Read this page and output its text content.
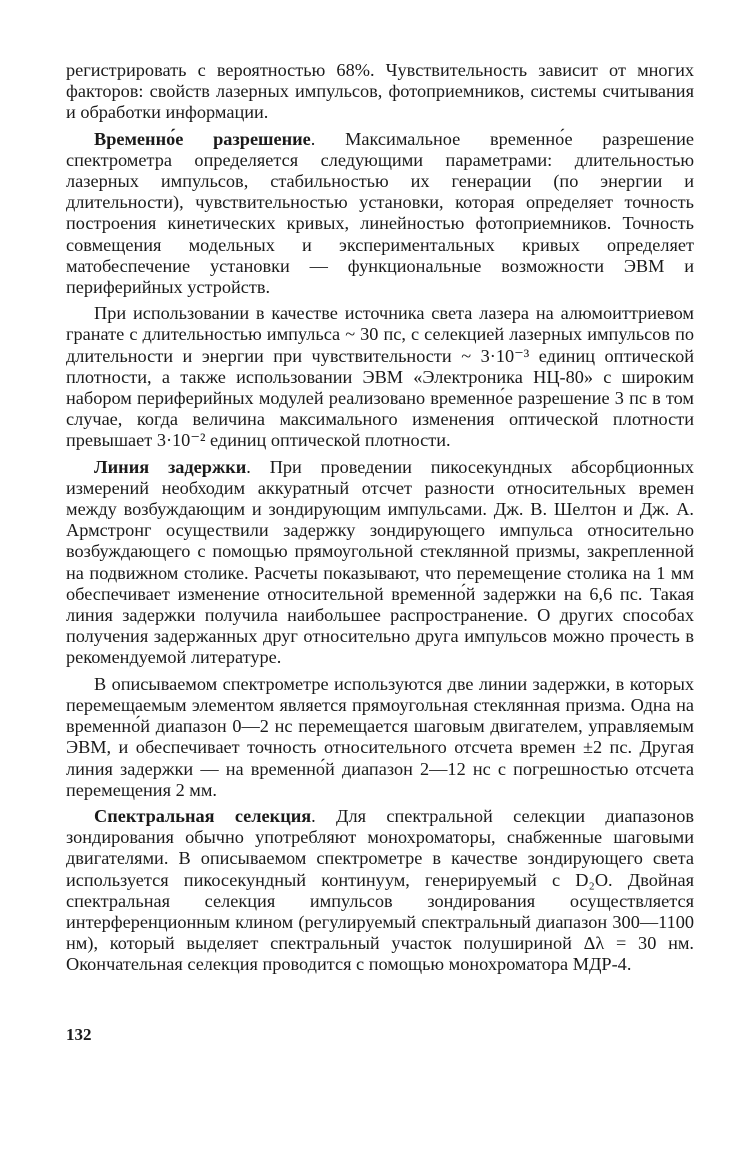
регистрировать с вероятностью 68%. Чувствительность зависит от многих факторов: свойств лазерных импульсов, фотоприемников, системы считывания и обработки информации.

Временно́е разрешение. Максимальное временно́е разрешение спектрометра определяется следующими параметрами: длительностью лазерных импульсов, стабильностью их генерации (по энергии и длительности), чувствительностью установки, которая определяет точность построения кинетических кривых, линейностью фотоприемников. Точность совмещения модельных и экспериментальных кривых определяет матобеспечение установки — функциональные возможности ЭВМ и периферийных устройств.

При использовании в качестве источника света лазера на алюмоиттриевом гранате с длительностью импульса ~ 30 пс, с селекцией лазерных импульсов по длительности и энергии при чувствительности ~ 3·10⁻³ единиц оптической плотности, а также использовании ЭВМ «Электроника НЦ-80» с широким набором периферийных модулей реализовано временно́е разрешение 3 пс в том случае, когда величина максимального изменения оптической плотности превышает 3·10⁻² единиц оптической плотности.

Линия задержки. При проведении пикосекундных абсорбционных измерений необходим аккуратный отсчет разности относительных времен между возбуждающим и зондирующим импульсами. Дж. В. Шелтон и Дж. А. Армстронг осуществили задержку зондирующего импульса относительно возбуждающего с помощью прямоугольной стеклянной призмы, закрепленной на подвижном столике. Расчеты показывают, что перемещение столика на 1 мм обеспечивает изменение относительной временно́й задержки на 6,6 пс. Такая линия задержки получила наибольшее распространение. О других способах получения задержанных друг относительно друга импульсов можно прочесть в рекомендуемой литературе.

В описываемом спектрометре используются две линии задержки, в которых перемещаемым элементом является прямоугольная стеклянная призма. Одна на временно́й диапазон 0—2 нс перемещается шаговым двигателем, управляемым ЭВМ, и обеспечивает точность относительного отсчета времен ±2 пс. Другая линия задержки — на временно́й диапазон 2—12 нс с погрешностью отсчета перемещения 2 мм.

Спектральная селекция. Для спектральной селекции диапазонов зондирования обычно употребляют монохроматоры, снабженные шаговыми двигателями. В описываемом спектрометре в качестве зондирующего света используется пикосекундный континуум, генерируемый с D₂O. Двойная спектральная селекция импульсов зондирования осуществляется интерференционным клином (регулируемый спектральный диапазон 300—1100 нм), который выделяет спектральный участок полушириной Δλ = 30 нм. Окончательная селекция проводится с помощью монохроматора МДР-4.

132
